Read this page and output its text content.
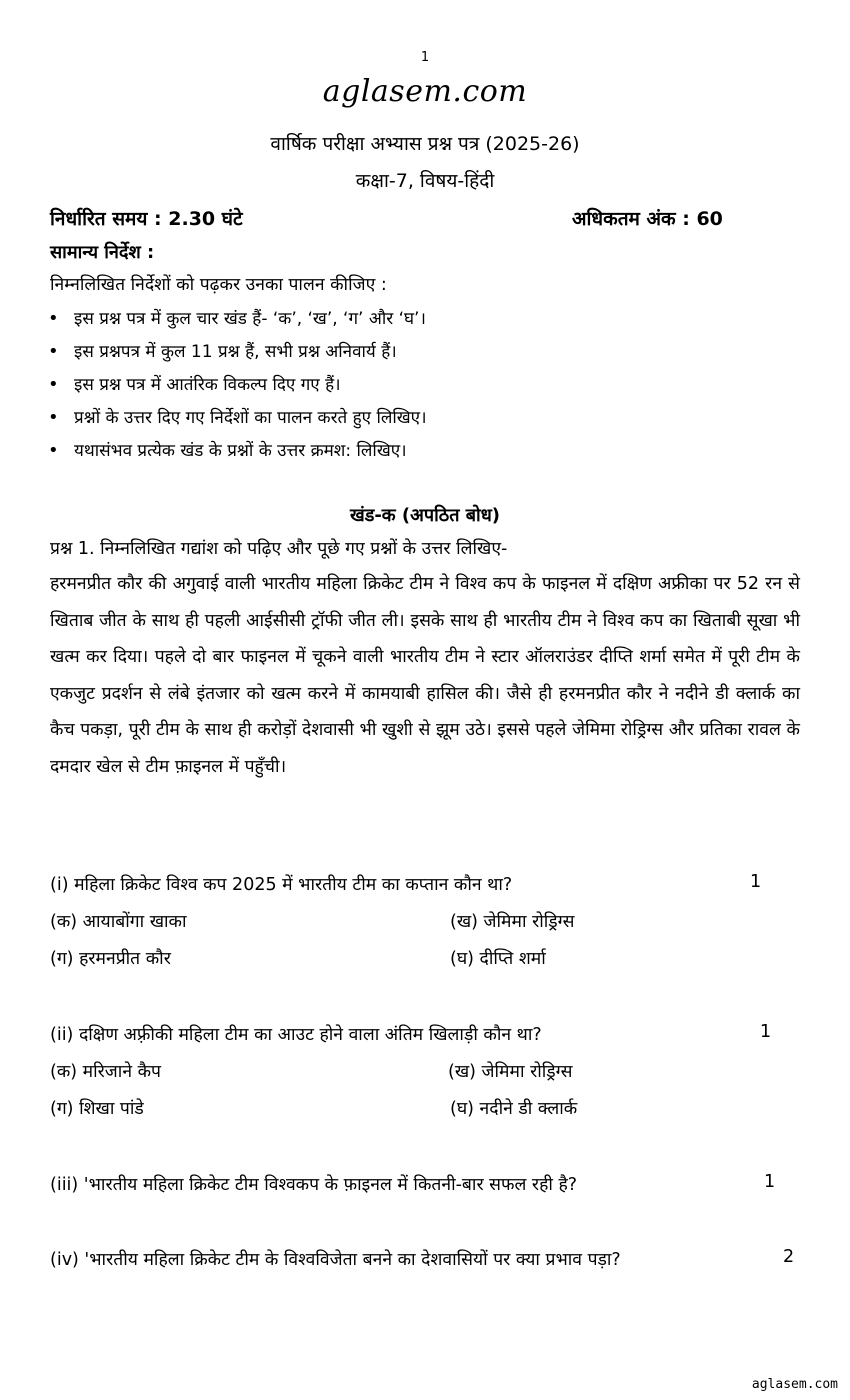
1
aglasem.com
वार्षिक परीक्षा अभ्यास प्रश्न पत्र (2025-26)
कक्षा-7, विषय-हिंदी
निर्धारित समय : 2.30 घंटे	अधिकतम अंक : 60
सामान्य निर्देश :
निम्नलिखित निर्देशों को पढ़कर उनका पालन कीजिए :
• इस प्रश्न पत्र में कुल चार खंड हैं- ‘क’, ‘ख’, ‘ग’ और ‘घ’।
• इस प्रश्नपत्र में कुल 11 प्रश्न हैं, सभी प्रश्न अनिवार्य हैं।
• इस प्रश्न पत्र में आतंरिक विकल्प दिए गए हैं।
• प्रश्नों के उत्तर दिए गए निर्देशों का पालन करते हुए लिखिए।
• यथासंभव प्रत्येक खंड के प्रश्नों के उत्तर क्रमश: लिखिए।
खंड-क (अपठित बोध)
प्रश्न 1. निम्नलिखित गद्यांश को पढ़िए और पूछे गए प्रश्नों के उत्तर लिखिए-

हरमनप्रीत कौर की अगुवाई वाली भारतीय महिला क्रिकेट टीम ने विश्व कप के फाइनल में दक्षिण अफ्रीका पर 52 रन से खिताब जीत के साथ ही पहली आईसीसी ट्रॉफी जीत ली। इसके साथ ही भारतीय टीम ने विश्व कप का खिताबी सूखा भी खत्म कर दिया। पहले दो बार फाइनल में चूकने वाली भारतीय टीम ने स्टार ऑलराउंडर दीप्ति शर्मा समेत में पूरी टीम के एकजुट प्रदर्शन से लंबे इंतजार को खत्म करने में कामयाबी हासिल की। जैसे ही हरमनप्रीत कौर ने नदीने डी क्लार्क का कैच पकड़ा, पूरी टीम के साथ ही करोड़ों देशवासी भी खुशी से झूम उठे। इससे पहले जेमिमा रोड्रिग्स और प्रतिका रावल के दमदार खेल से टीम फ़ाइनल में पहुँची।

(i) महिला क्रिकेट विश्व कप 2025 में भारतीय टीम का कप्तान कौन था?	1
(क) आयाबोंगा खाका	(ख) जेमिमा रोड्रिग्स
(ग) हरमनप्रीत कौर	(घ) दीप्ति शर्मा
(ii) दक्षिण अफ़्रीकी महिला टीम का आउट होने वाला अंतिम खिलाड़ी कौन था?	1
(क) मरिजाने कैप	(ख) जेमिमा रोड्रिग्स
(ग) शिखा पांडे	(घ) नदीने डी क्लार्क
(iii) 'भारतीय महिला क्रिकेट टीम विश्वकप के फ़ाइनल में कितनी-बार सफल रही है?	1
(iv) 'भारतीय महिला क्रिकेट टीम के विश्वविजेता बनने का देशवासियों पर क्या प्रभाव पड़ा?	2
aglasem.com
